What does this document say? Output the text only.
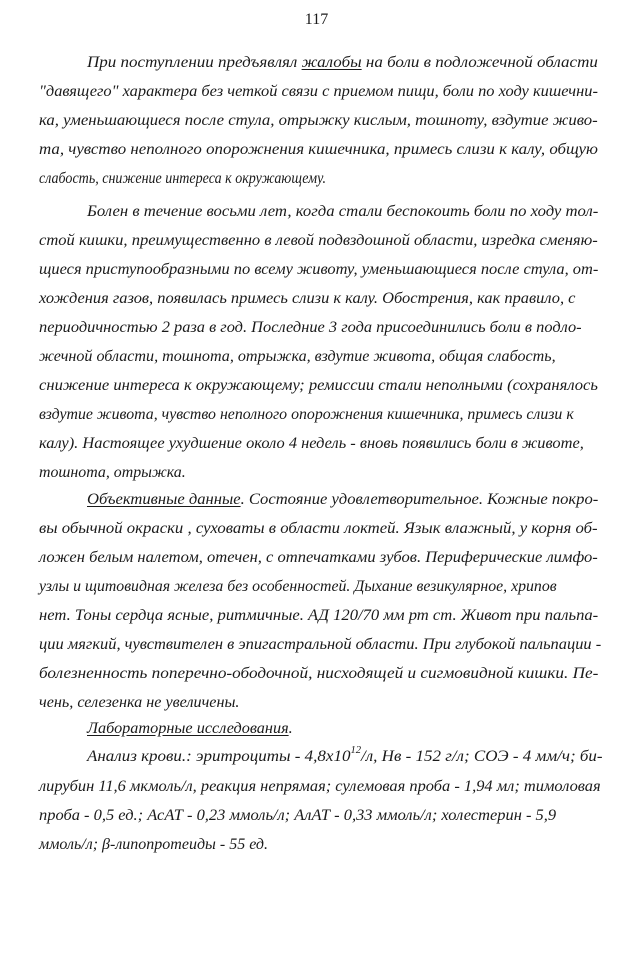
117
При поступлении предъявлял жалобы на боли в подложечной области
"давящего" характера без четкой связи с приемом пищи, боли по ходу кишечни-
ка, уменьшающиеся после стула, отрыжку кислым, тошноту, вздутие живо-
та, чувство неполного опорожнения кишечника, примесь слизи к калу, общую
слабость, снижение интереса к окружающему.
Болен в течение восьми лет, когда стали беспокоить боли по ходу тол-
стой кишки, преимущественно в левой подвздошной области, изредка сменяю-
щиеся приступообразными по всему животу, уменьшающиеся после стула, от-
хождения газов, появилась примесь слизи к калу. Обострения, как правило, с
периодичностью 2 раза в год. Последние 3 года присоединились боли в подло-
жечной области, тошнота, отрыжка, вздутие живота, общая слабость,
снижение интереса к окружающему; ремиссии стали неполными (сохранялось
вздутие живота, чувство неполного опорожнения кишечника, примесь слизи к
калу). Настоящее ухудшение около 4 недель - вновь появились боли в животе,
тошнота, отрыжка.
Объективные данные. Состояние удовлетворительное. Кожные покро-
вы обычной окраски , суховаты в области локтей. Язык влажный, у корня об-
ложен белым налетом, отечен, с отпечатками зубов. Периферические лимфо-
узлы и щитовидная железа без особенностей. Дыхание везикулярное, хрипов
нет. Тоны сердца ясные, ритмичные. АД 120/70 мм рт ст. Живот при пальпа-
ции мягкий, чувствителен в эпигастральной области. При глубокой пальпации -
болезненность поперечно-ободочной, нисходящей и сигмовидной кишки. Пе-
чень, селезенка не увеличены.
Лабораторные исследования.
Анализ крови.: эритроциты - $4,8х10^{12}/л$, Нв - 152 г/л; СОЭ - 4 мм/ч; би-
лирубин 11,6 мкмоль/л, реакция непрямая; сулемовая проба - 1,94 мл; тимоловая
проба - 0,5 ед.; АсАТ - 0,23 ммоль/л; АлАТ - 0,33 ммоль/л; холестерин - 5,9
ммоль/л; β-липопротеиды - 55 ед.
